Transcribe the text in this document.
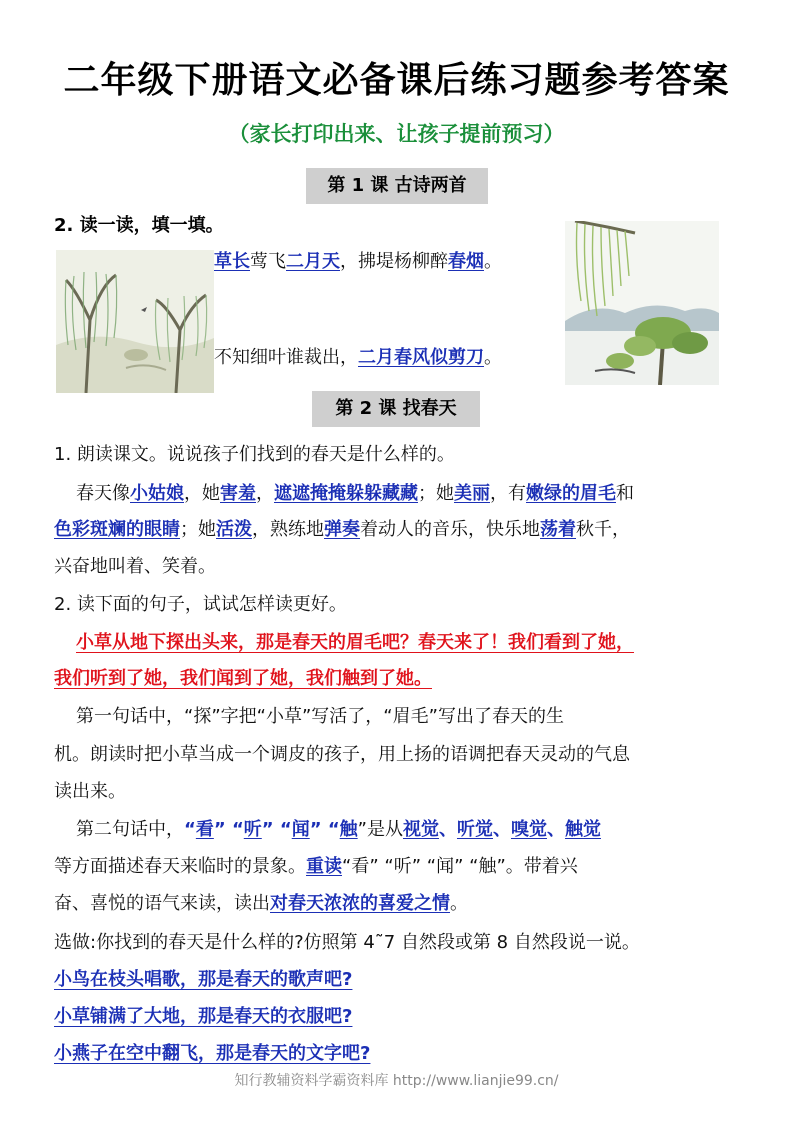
二年级下册语文必备课后练习题参考答案
（家长打印出来、让孩子提前预习）
第 1 课 古诗两首
2. 读一读，填一填。
草长莺飞二月天，拂堤杨柳醉春烟。
不知细叶谁裁出，二月春风似剪刀。
第 2 课 找春天
1. 朗读课文。说说孩子们找到的春天是什么样的。
春天像小姑娘，她害羞，遮遮掩掩躲躲藏藏；她美丽，有嫩绿的眉毛和
色彩斑斓的眼睛；她活泼，熟练地弹奏着动人的音乐，快乐地荡着秋千，
兴奋地叫着、笑着。
2. 读下面的句子，试试怎样读更好。
小草从地下探出头来，那是春天的眉毛吧？春天来了！我们看到了她，
我们听到了她，我们闻到了她，我们触到了她。
第一句话中，“探”字把“小草”写活了，“眉毛”写出了春天的生
机。朗读时把小草当成一个调皮的孩子，用上扬的语调把春天灵动的气息
读出来。
第二句话中，“看” “听” “闻” “触”是从视觉、听觉、嗅觉、触觉
等方面描述春天来临时的景象。重读“看” “听” “闻” “触”。带着兴
奋、喜悦的语气来读，读出对春天浓浓的喜爱之情。
选做:你找到的春天是什么样的?仿照第 4˜7 自然段或第 8 自然段说一说。
小鸟在枝头唱歌，那是春天的歌声吧?
小草铺满了大地，那是春天的衣服吧?
小燕子在空中翻飞，那是春天的文字吧?
知行教辅资料学霸资料库 http://www.lianjie99.cn/
